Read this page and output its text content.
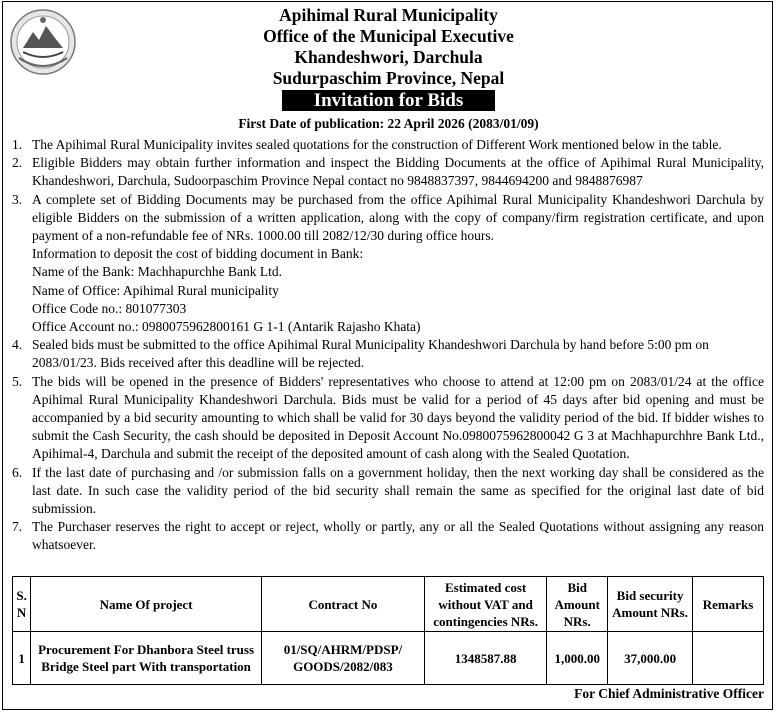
Apihimal Rural Municipality
Office of the Municipal Executive
Khandeshwori, Darchula
Sudurpaschim Province, Nepal
Invitation for Bids
First Date of publication: 22 April 2026 (2083/01/09)
1. The Apihimal Rural Municipality invites sealed quotations for the construction of Different Work mentioned below in the table.
2. Eligible Bidders may obtain further information and inspect the Bidding Documents at the office of Apihimal Rural Municipality, Khandeshwori, Darchula, Sudoorpaschim Province Nepal contact no 9848837397, 9844694200 and 9848876987
3. A complete set of Bidding Documents may be purchased from the office Apihimal Rural Municipality Khandeshwori Darchula by eligible Bidders on the submission of a written application, along with the copy of company/firm registration certificate, and upon payment of a non-refundable fee of NRs. 1000.00 till 2082/12/30 during office hours.
Information to deposit the cost of bidding document in Bank:
Name of the Bank: Machhapurchhe Bank Ltd.
Name of Office: Apihimal Rural municipality
Office Code no.: 801077303
Office Account no.: 0980075962800161 G 1-1 (Antarik Rajasho Khata)
4. Sealed bids must be submitted to the office Apihimal Rural Municipality Khandeshwori Darchula by hand before 5:00 pm on 2083/01/23. Bids received after this deadline will be rejected.
5. The bids will be opened in the presence of Bidders' representatives who choose to attend at 12:00 pm on 2083/01/24 at the office Apihimal Rural Municipality Khandeshwori Darchula. Bids must be valid for a period of 45 days after bid opening and must be accompanied by a bid security amounting to which shall be valid for 30 days beyond the validity period of the bid. If bidder wishes to submit the Cash Security, the cash should be deposited in Deposit Account No.0980075962800042 G 3 at Machhapurchhre Bank Ltd., Apihimal-4, Darchula and submit the receipt of the deposited amount of cash along with the Sealed Quotation.
6. If the last date of purchasing and /or submission falls on a government holiday, then the next working day shall be considered as the last date. In such case the validity period of the bid security shall remain the same as specified for the original last date of bid submission.
7. The Purchaser reserves the right to accept or reject, wholly or partly, any or all the Sealed Quotations without assigning any reason whatsoever.
S. N	Name Of project	Contract No	Estimated cost without VAT and contingencies NRs.	Bid Amount NRs.	Bid security Amount NRs.	Remarks
1	Procurement For Dhanbora Steel truss Bridge Steel part With transportation	01/SQ/AHRM/PDSP/ GOODS/2082/083	1348587.88	1,000.00	37,000.00	
For Chief Administrative Officer
